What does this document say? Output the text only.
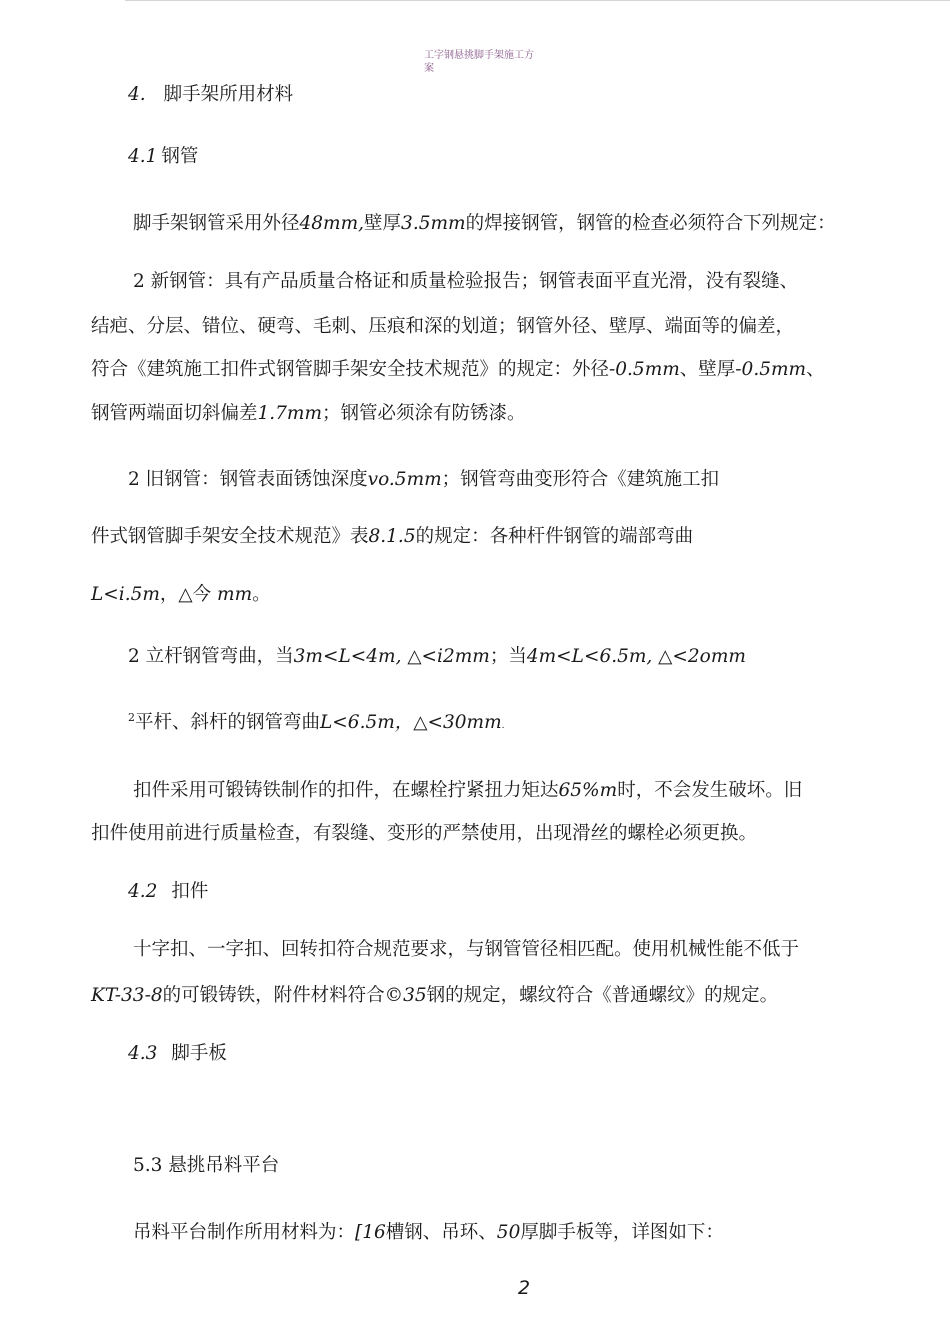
工字钢悬挑脚手架施工方
案
4. 脚手架所用材料
4.1 钢管
脚手架钢管采用外径48mm,壁厚3.5mm的焊接钢管，钢管的检查必须符合下列规定：
2 新钢管：具有产品质量合格证和质量检验报告；钢管表面平直光滑，没有裂缝、
结疤、分层、错位、硬弯、毛刺、压痕和深的划道；钢管外径、壁厚、端面等的偏差，
符合《建筑施工扣件式钢管脚手架安全技术规范》的规定：外径-0.5mm、壁厚-0.5mm、
钢管两端面切斜偏差1.7mm；钢管必须涂有防锈漆。
2 旧钢管：钢管表面锈蚀深度vo.5mm；钢管弯曲变形符合《建筑施工扣
件式钢管脚手架安全技术规范》表8.1.5的规定：各种杆件钢管的端部弯曲
L<i.5m，△今 mm。
2 立杆钢管弯曲，当3m<L<4m, △<i2mm；当4m<L<6.5m, △<2omm
$^2$平杆、斜杆的钢管弯曲L<6.5m，△<30mm.
扣件采用可锻铸铁制作的扣件，在螺栓拧紧扭力矩达65%m时，不会发生破坏。旧
扣件使用前进行质量检查，有裂缝、变形的严禁使用，出现滑丝的螺栓必须更换。
4.2 扣件
十字扣、一字扣、回转扣符合规范要求，与钢管管径相匹配。使用机械性能不低于
KT-33-8的可锻铸铁，附件材料符合©35钢的规定，螺纹符合《普通螺纹》的规定。
4.3 脚手板
5.3 悬挑吊料平台
吊料平台制作所用材料为：[16槽钢、吊环、50厚脚手板等，详图如下：
2
